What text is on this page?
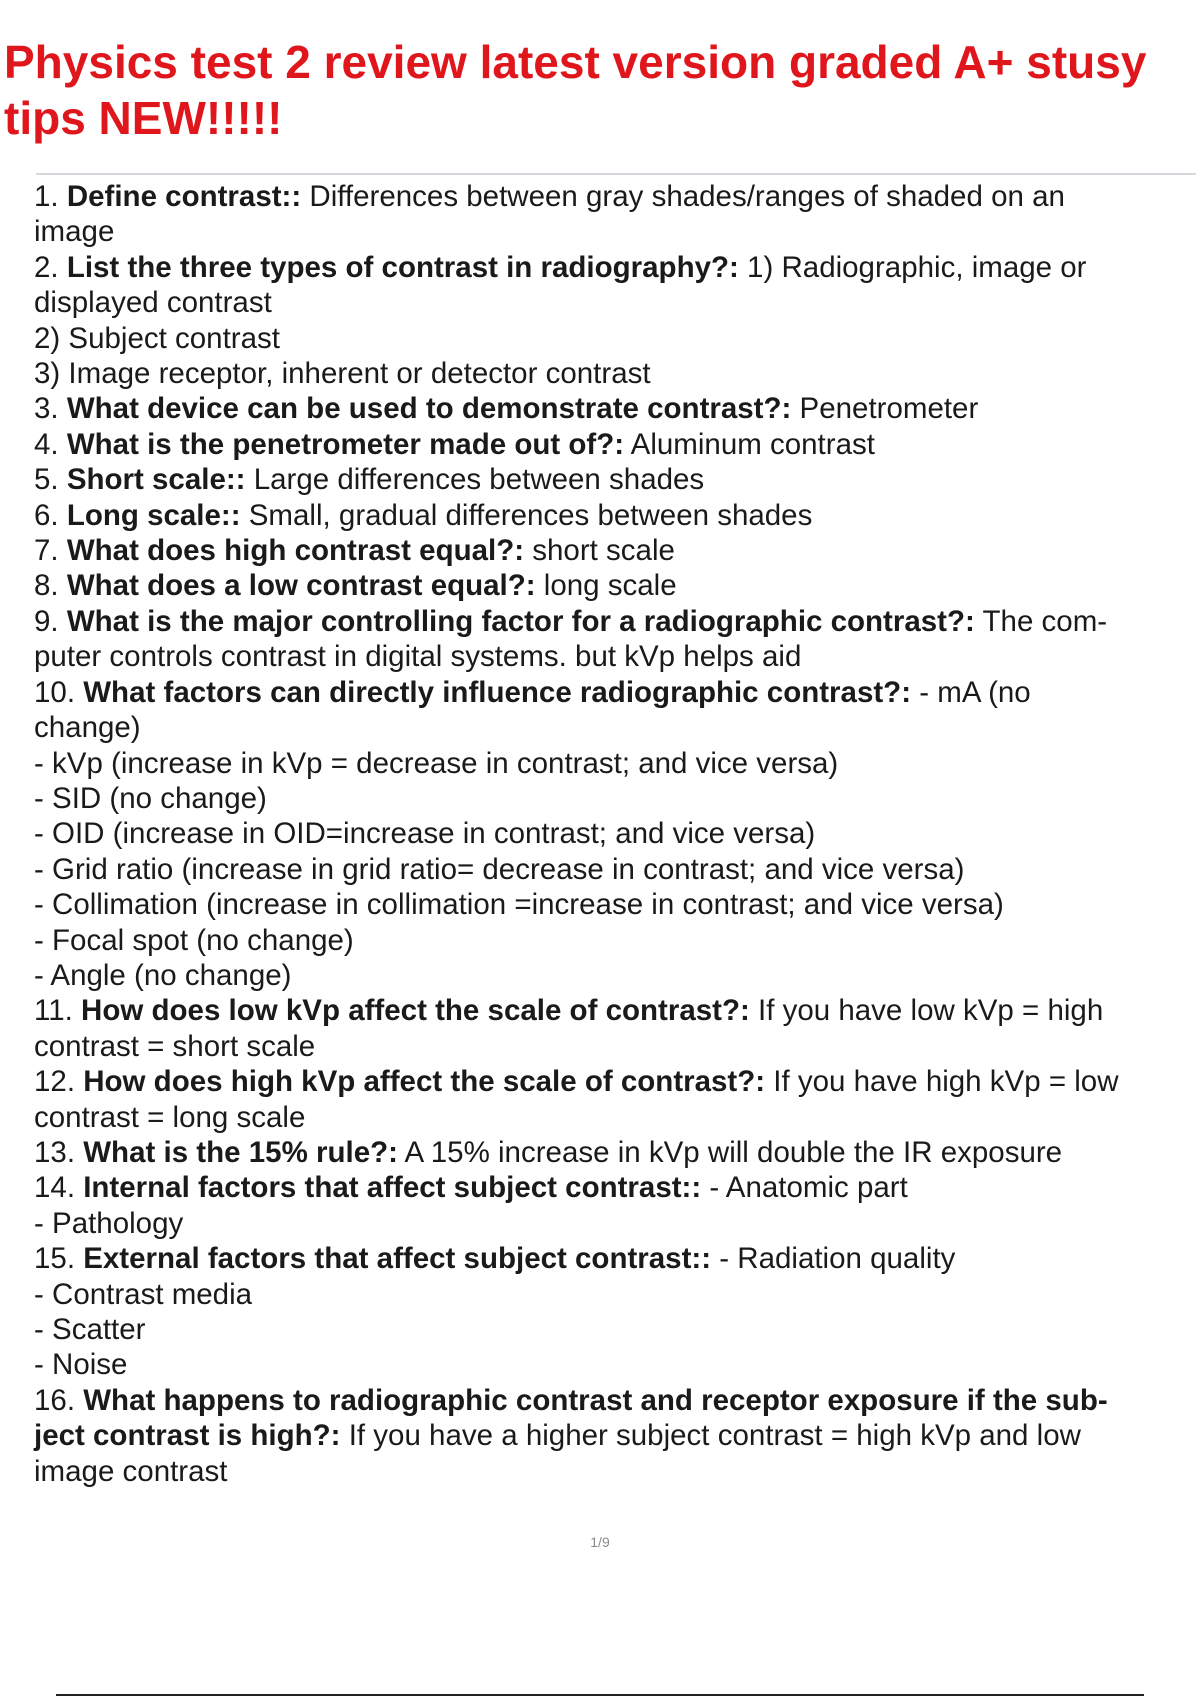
Physics test 2 review latest version graded A+ stusy
tips NEW!!!!!
1. Define contrast:: Differences between gray shades/ranges of shaded on an
image
2. List the three types of contrast in radiography?: 1) Radiographic, image or
displayed contrast
2) Subject contrast
3) Image receptor, inherent or detector contrast
3. What device can be used to demonstrate contrast?: Penetrometer
4. What is the penetrometer made out of?: Aluminum contrast
5. Short scale:: Large differences between shades
6. Long scale:: Small, gradual differences between shades
7. What does high contrast equal?: short scale
8. What does a low contrast equal?: long scale
9. What is the major controlling factor for a radiographic contrast?: The com-
puter controls contrast in digital systems. but kVp helps aid
10. What factors can directly influence radiographic contrast?: - mA (no
change)
- kVp (increase in kVp = decrease in contrast; and vice versa)
- SID (no change)
- OID (increase in OID=increase in contrast; and vice versa)
- Grid ratio (increase in grid ratio= decrease in contrast; and vice versa)
- Collimation (increase in collimation =increase in contrast; and vice versa)
- Focal spot (no change)
- Angle (no change)
11. How does low kVp affect the scale of contrast?: If you have low kVp = high
contrast = short scale
12. How does high kVp affect the scale of contrast?: If you have high kVp = low
contrast = long scale
13. What is the 15% rule?: A 15% increase in kVp will double the IR exposure
14. Internal factors that affect subject contrast:: - Anatomic part
- Pathology
15. External factors that affect subject contrast:: - Radiation quality
- Contrast media
- Scatter
- Noise
16. What happens to radiographic contrast and receptor exposure if the sub-
ject contrast is high?: If you have a higher subject contrast = high kVp and low
image contrast
1/9
